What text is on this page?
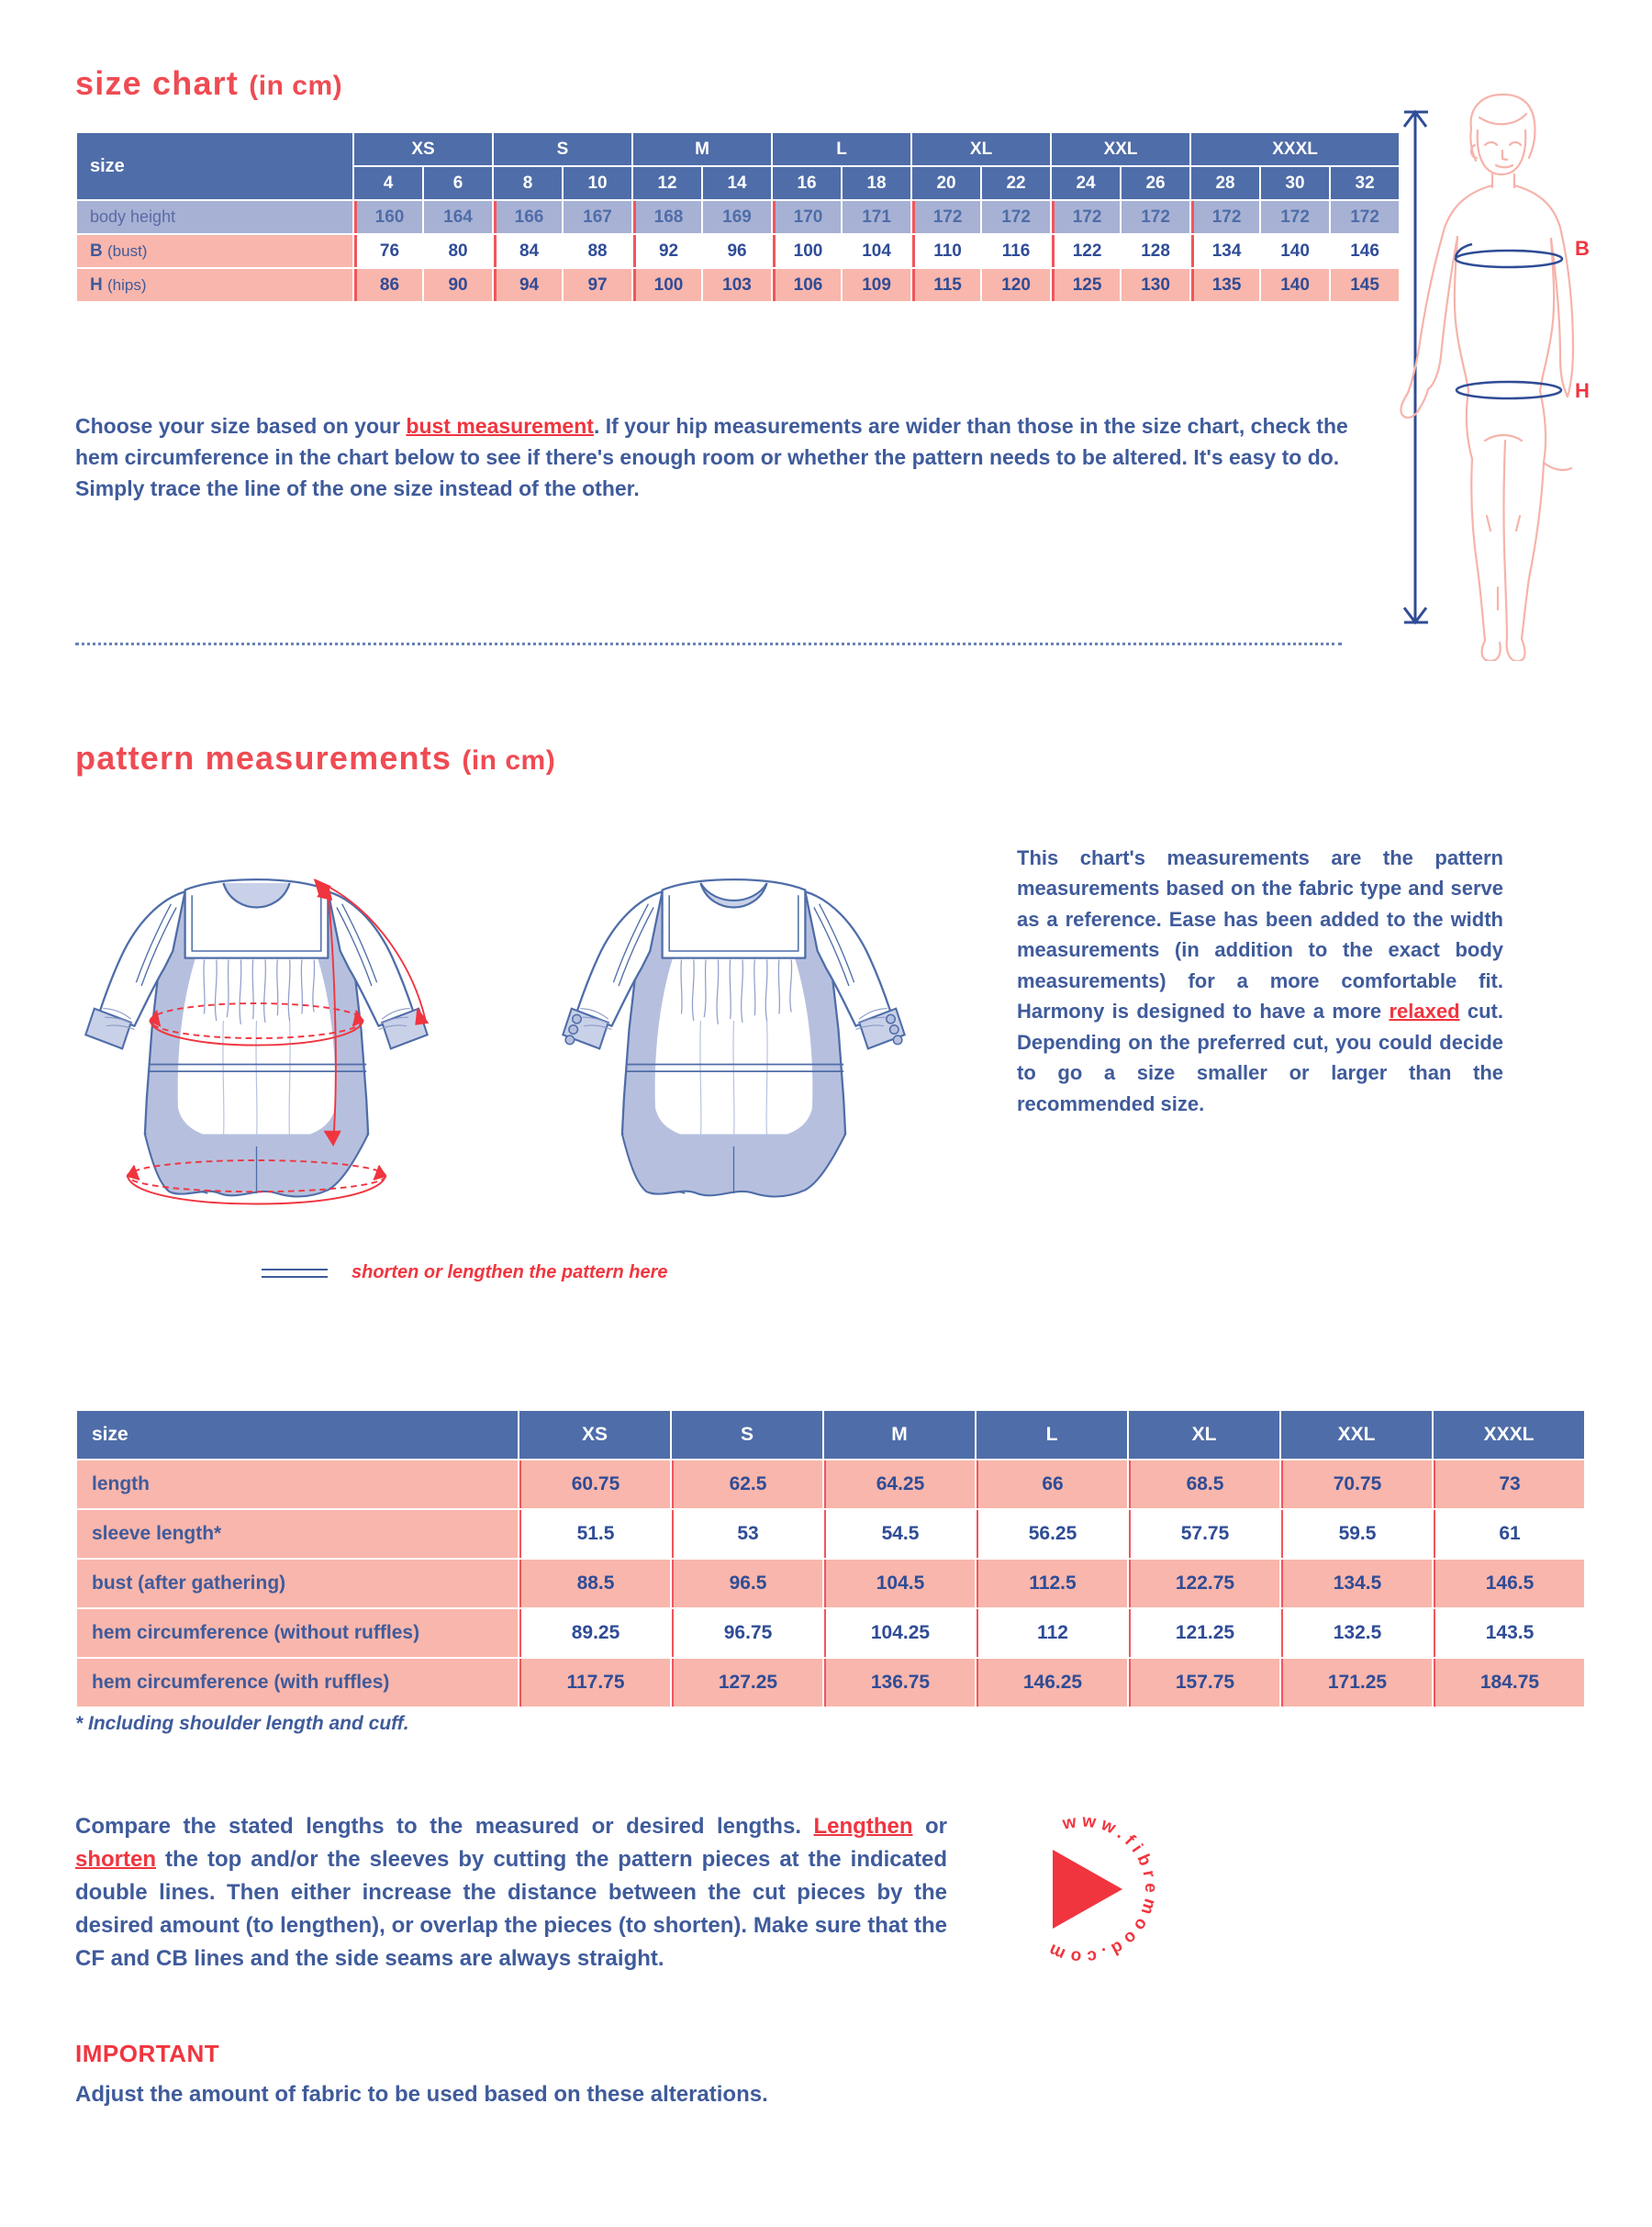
size chart (in cm)
size	XS		S		M		L		XL		XXL		XXXL		
	4	6	8	10	12	14	16	18	20	22	24	26	28	30	32
body height	160	164	166	167	168	169	170	171	172	172	172	172	172	172	172
B (bust)	76	80	84	88	92	96	100	104	110	116	122	128	134	140	146
H (hips)	86	90	94	97	100	103	106	109	115	120	125	130	135	140	145
B
H
Choose your size based on your bust measurement. If your hip measurements are wider than those in the size chart, check the hem circumference in the chart below to see if there's enough room or whether the pattern needs to be altered. It's easy to do. Simply trace the line of the one size instead of the other.
pattern measurements (in cm)
This chart's measurements are the pattern measurements based on the fabric type and serve as a reference. Ease has been added to the width measurements (in addition to the exact body measurements) for a more comfortable fit. Harmony is designed to have a more relaxed cut. Depending on the preferred cut, you could decide to go a size smaller or larger than the recommended size.
shorten or lengthen the pattern here
size	XS	S	M	L	XL	XXL	XXXL
length	60.75	62.5	64.25	66	68.5	70.75	73
sleeve length*	51.5	53	54.5	56.25	57.75	59.5	61
bust (after gathering)	88.5	96.5	104.5	112.5	122.75	134.5	146.5
hem circumference (without ruffles)	89.25	96.75	104.25	112	121.25	132.5	143.5
hem circumference (with ruffles)	117.75	127.25	136.75	146.25	157.75	171.25	184.75
* Including shoulder length and cuff.
Compare the stated lengths to the measured or desired lengths. Lengthen or shorten the top and/or the sleeves by cutting the pattern pieces at the indicated double lines. Then either increase the distance between the cut pieces by the desired amount (to lengthen), or overlap the pieces (to shorten). Make sure that the CF and CB lines and the side seams are always straight.
www.fibremood.com
IMPORTANT
Adjust the amount of fabric to be used based on these alterations.
